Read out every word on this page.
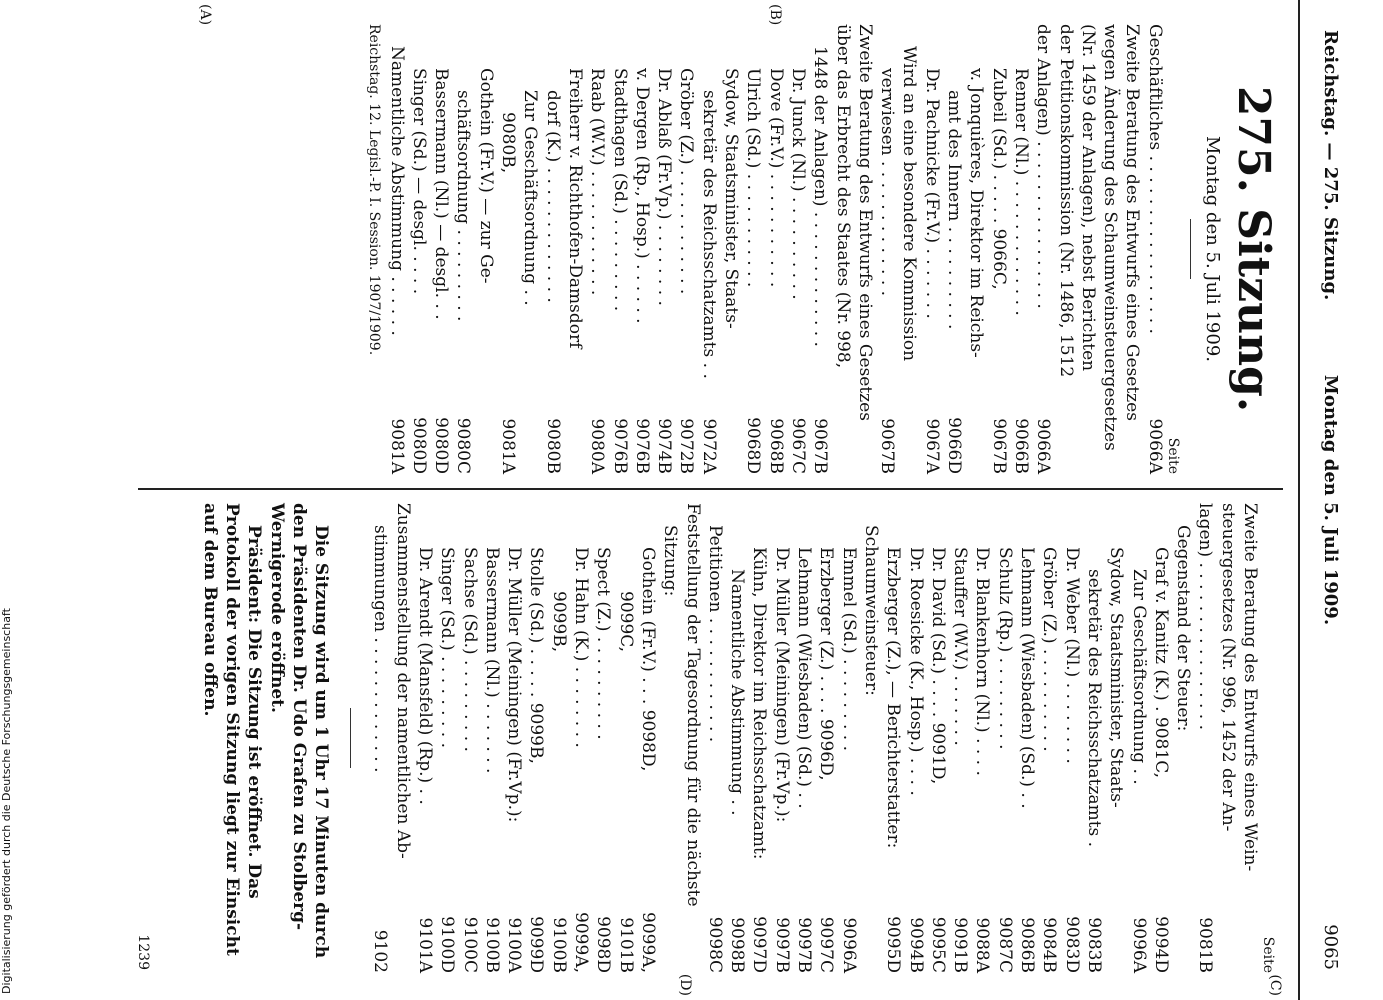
Reichstag. — 275. Sitzung.
Montag den 5. Juli 1909.
9065
(A)	(B)
(C)
(D)
275. Sitzung.
Montag den 5. Juli 1909.
Seite
Geschäftliches . . . . . . . . . . . . . . . . .
9066A
Zweite Beratung des Entwurfs eines Gesetzes
wegen Änderung des Schaumweinsteuergesetzes
(Nr. 1459 der Anlagen), nebst Berichten
der Petitionskommission (Nr. 1486, 1512
der Anlagen) . . . . . . . . . . . . . . . .
9066A
Renner (Nl.) . . . . . . . . . . . . .
9066B
Zubeil (Sd.) . . . . . 9066C,
9067B
v. Jonquières, Direktor im Reichs-
amt des Innern . . . . . . . . . .
9066D
Dr. Pachnicke (Fr.V.) . . . . . . .
9067A
Wird an eine besondere Kommission
verwiesen . . . . . . . . . . . . .
9067B
Zweite Beratung des Entwurfs eines Gesetzes
über das Erbrecht des Staates (Nr. 998,
1448 der Anlagen) . . . . . . . . . . . . .
9067B
Dr. Junck (Nl.) . . . . . . . . . .
9067C
Dove (Fr.V.) . . . . . . . . . . .
9068B
Ulrich (Sd.) . . . . . . . . . . .
9068D
Sydow, Staatsminister, Staats-
sekretär des Reichsschatzamts . .
9072A
Gröber (Z.) . . . . . . . . . . . .
9072B
Dr. Ablaß (Fr.Vp.) . . . . . . . .
9074B
v. Dergen (Rp., Hosp.) . . . . . .
9076B
Stadthagen (Sd.) . . . . . . . . .
9076B
Raab (W.V.) . . . . . . . . . . . .
9080A
Freiherr v. Richthofen-Damsdorf
dorf (K.) . . . . . . . . . . . . .
9080B
Zur Geschäftsordnung . .
9080B,
9081A
Gothein (Fr.V.) — zur Ge-
schäftsordnung . . . . . . . . .
9080C
Bassermann (Nl.) — desgl. . .
9080D
Singer (Sd.) — desgl. . . . .
9080D
Namentliche Abstimmung . . . . . .
9081A
Reichstag. 12. Legisl.-P. I. Session. 1907/1909.
Seite
Zweite Beratung des Entwurfs eines Wein-
steuergesetzes (Nr. 996, 1452 der An-
lagen) . . . . . . . . . . . . . . . .
9081B
Gegenstand der Steuer:
Graf v. Kanitz (K.) . 9081C,
9094D
Zur Geschäftsordnung . .
9096A
Sydow, Staatsminister, Staats-
sekretär des Reichsschatzamts .
9083B
Dr. Weber (Nl.) . . . . . . . .
9083D
Gröber (Z.) . . . . . . . . . .
9084B
Lehmann (Wiesbaden) (Sd.) . .
9086B
Schulz (Rp.) . . . . . . . . .
9087C
Dr. Blankenhorn (Nl.) . . . .
9088A
Stauffer (W.V.) . . . . . . .
9091B
Dr. David (Sd.) . . . . 9091D,
9095C
Dr. Roesicke (K., Hosp.) . . . .
9094B
Erzberger (Z.), — Berichterstatter:
9095D
Schaumweinsteuer:
Emmel (Sd.) . . . . . . . . .
9096A
Erzberger (Z.) . . . . 9096D,
9097C
Lehmann (Wiesbaden) (Sd.) . .
9097B
Dr. Müller (Meiningen) (Fr.Vp.):
9097B
Kühn, Direktor im Reichsschatzamt:
9097D
Namentliche Abstimmung . .
9098B
Petitionen . . . . . . . . . . . .
9098C
Feststellung der Tagesordnung für die nächste
Sitzung:
Gothein (Fr.V.) . . . 9098D,
9099A,
9099C,
9101B
Spect (Z.) . . . . . . . . . .
9098D
Dr. Hahn (K.) . . . . . . . .
9099A,
9099B,
9100B
Stolle (Sd.) . . . . . 9099B,
9099D
Dr. Müller (Meiningen) (Fr.Vp.):
9100A
Bassermann (Nl.) . . . . . . .
9100B
Sachse (Sd.) . . . . . . . . .
9100C
Singer (Sd.) . . . . . . . . .
9100D
Dr. Arendt (Mansfeld) (Rp.) . .
9101A
Zusammenstellung der namentlichen Ab-
stimmungen . . . . . . . . . . . . .
9102
Die Sitzung wird um 1 Uhr 17 Minuten durch den Präsidenten Dr. Udo Grafen zu Stolberg-Wernigerode eröffnet.
Präsident: Die Sitzung ist eröffnet. Das Protokoll der vorigen Sitzung liegt zur Einsicht auf dem Bureau offen.
1239
Digitalisierung gefördert durch die Deutsche Forschungsgemeinschaft
